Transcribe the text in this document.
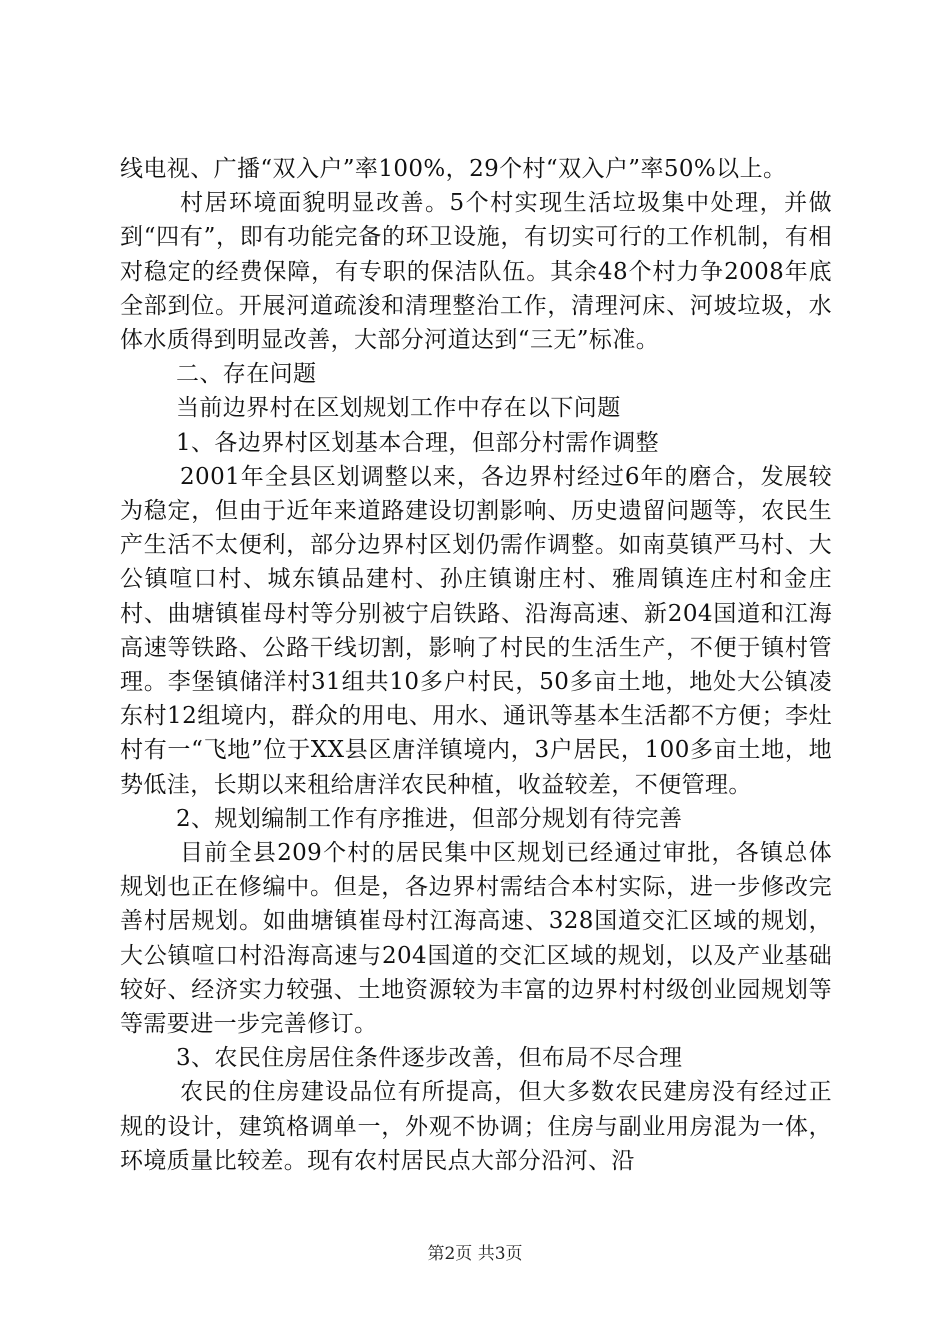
线电视、广播“双入户”率100%，29个村“双入户”率50%以上。

村居环境面貌明显改善。5个村实现生活垃圾集中处理，并做到“四有”，即有功能完备的环卫设施，有切实可行的工作机制，有相对稳定的经费保障，有专职的保洁队伍。其余48个村力争2008年底全部到位。开展河道疏浚和清理整治工作，清理河床、河坡垃圾，水体水质得到明显改善，大部分河道达到“三无”标准。

二、存在问题

当前边界村在区划规划工作中存在以下问题

1、各边界村区划基本合理，但部分村需作调整

2001年全县区划调整以来，各边界村经过6年的磨合，发展较为稳定，但由于近年来道路建设切割影响、历史遗留问题等，农民生产生活不太便利，部分边界村区划仍需作调整。如南莫镇严马村、大公镇喧口村、城东镇品建村、孙庄镇谢庄村、雅周镇连庄村和金庄村、曲塘镇崔母村等分别被宁启铁路、沿海高速、新204国道和江海高速等铁路、公路干线切割，影响了村民的生活生产，不便于镇村管理。李堡镇储洋村31组共10多户村民，50多亩土地，地处大公镇凌东村12组境内，群众的用电、用水、通讯等基本生活都不方便；李灶村有一“飞地”位于XX县区唐洋镇境内，3户居民，100多亩土地，地势低洼，长期以来租给唐洋农民种植，收益较差，不便管理。

2、规划编制工作有序推进，但部分规划有待完善

目前全县209个村的居民集中区规划已经通过审批，各镇总体规划也正在修编中。但是，各边界村需结合本村实际，进一步修改完善村居规划。如曲塘镇崔母村江海高速、328国道交汇区域的规划，大公镇喧口村沿海高速与204国道的交汇区域的规划，以及产业基础较好、经济实力较强、土地资源较为丰富的边界村村级创业园规划等等需要进一步完善修订。

3、农民住房居住条件逐步改善，但布局不尽合理

农民的住房建设品位有所提高，但大多数农民建房没有经过正规的设计，建筑格调单一，外观不协调；住房与副业用房混为一体，环境质量比较差。现有农村居民点大部分沿河、沿

第2页 共3页
